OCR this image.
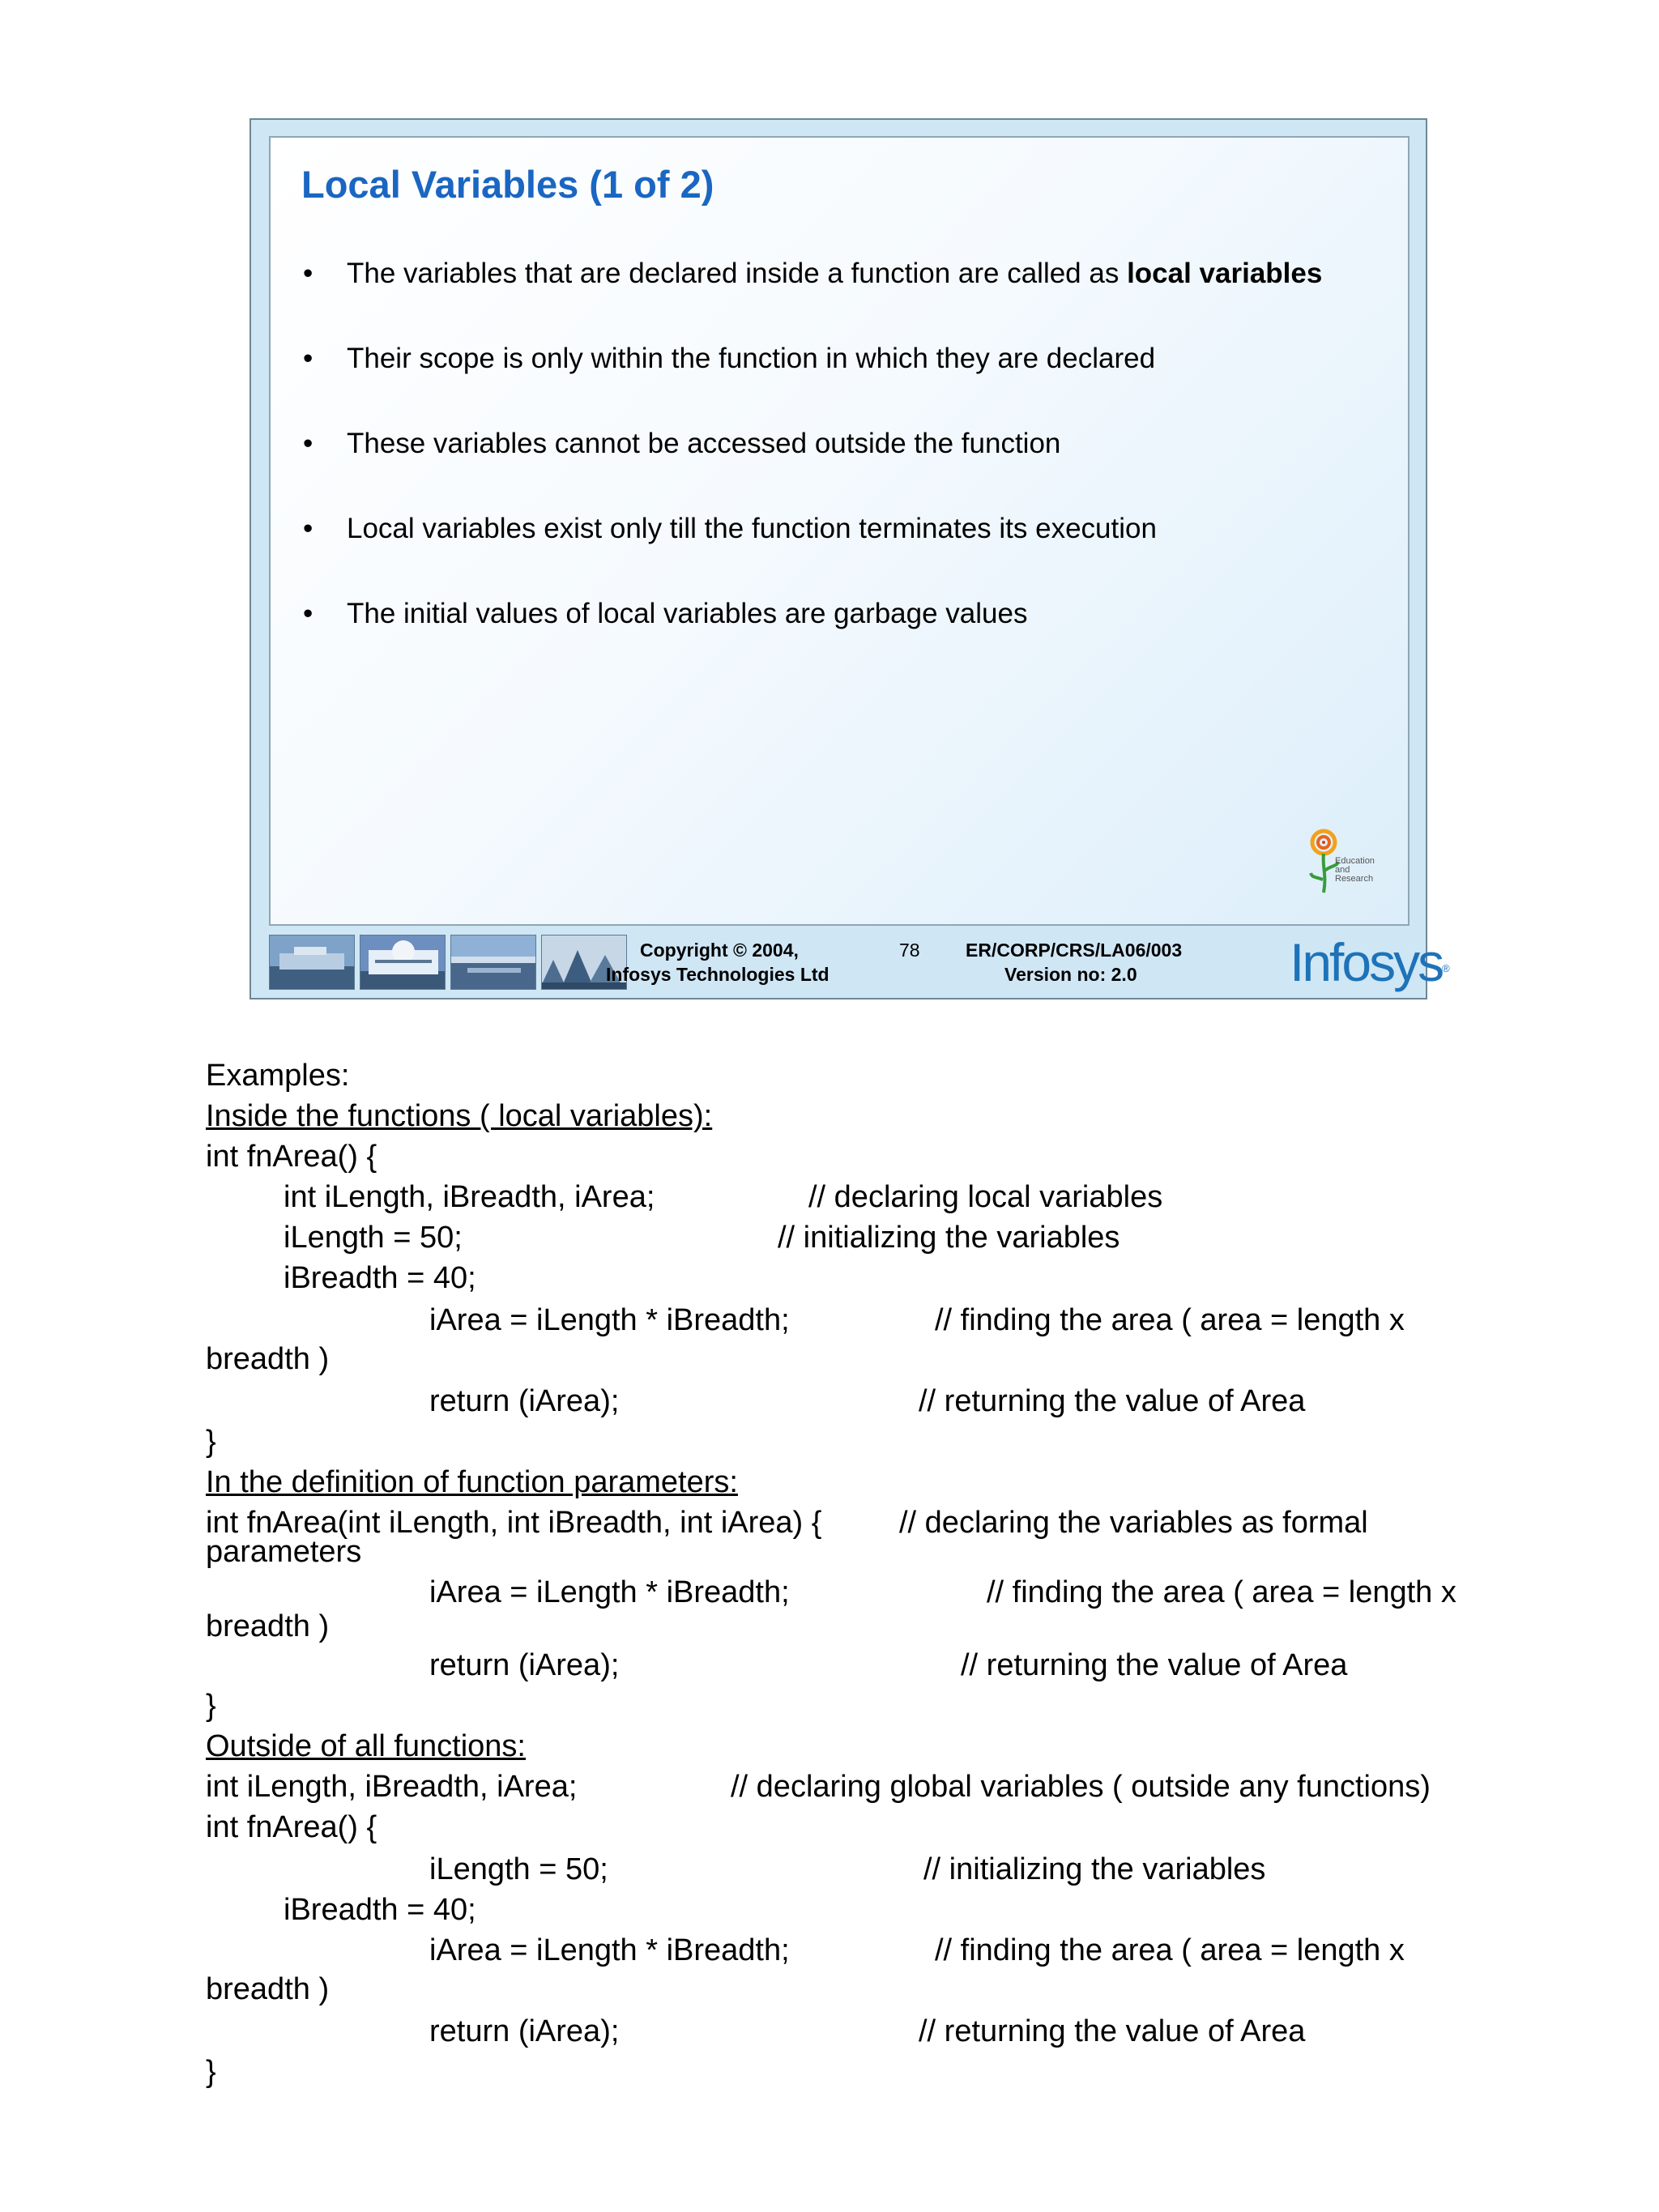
Local Variables (1 of 2)
• The variables that are declared inside a function are called as local variables
• Their scope is only within the function in which they are declared
• These variables cannot be accessed outside the function
• Local variables exist only till the function terminates its execution
• The initial values of local variables are garbage values
Education
and
Research
Copyright © 2004,
Infosys Technologies Ltd
78 ER/CORP/CRS/LA06/003
Version no: 2.0	Infosys®
Examples:
Inside the functions ( local variables):
int fnArea() {
int iLength, iBreadth, iArea;	// declaring local variables
iLength = 50;	// initializing the variables
iBreadth = 40;
iArea = iLength * iBreadth;	// finding the area ( area = length x
breadth )
return (iArea);	// returning the value of Area
}
In the definition of function parameters:
int fnArea(int iLength, int iBreadth, int iArea) {	// declaring the variables as formal
parameters
iArea = iLength * iBreadth;	// finding the area ( area = length x
breadth )
return (iArea);	// returning the value of Area
}
Outside of all functions:
int iLength, iBreadth, iArea;	// declaring global variables ( outside any functions)
int fnArea() {
iLength = 50;	// initializing the variables
iBreadth = 40;
iArea = iLength * iBreadth;	// finding the area ( area = length x
breadth )
return (iArea);	// returning the value of Area
}
